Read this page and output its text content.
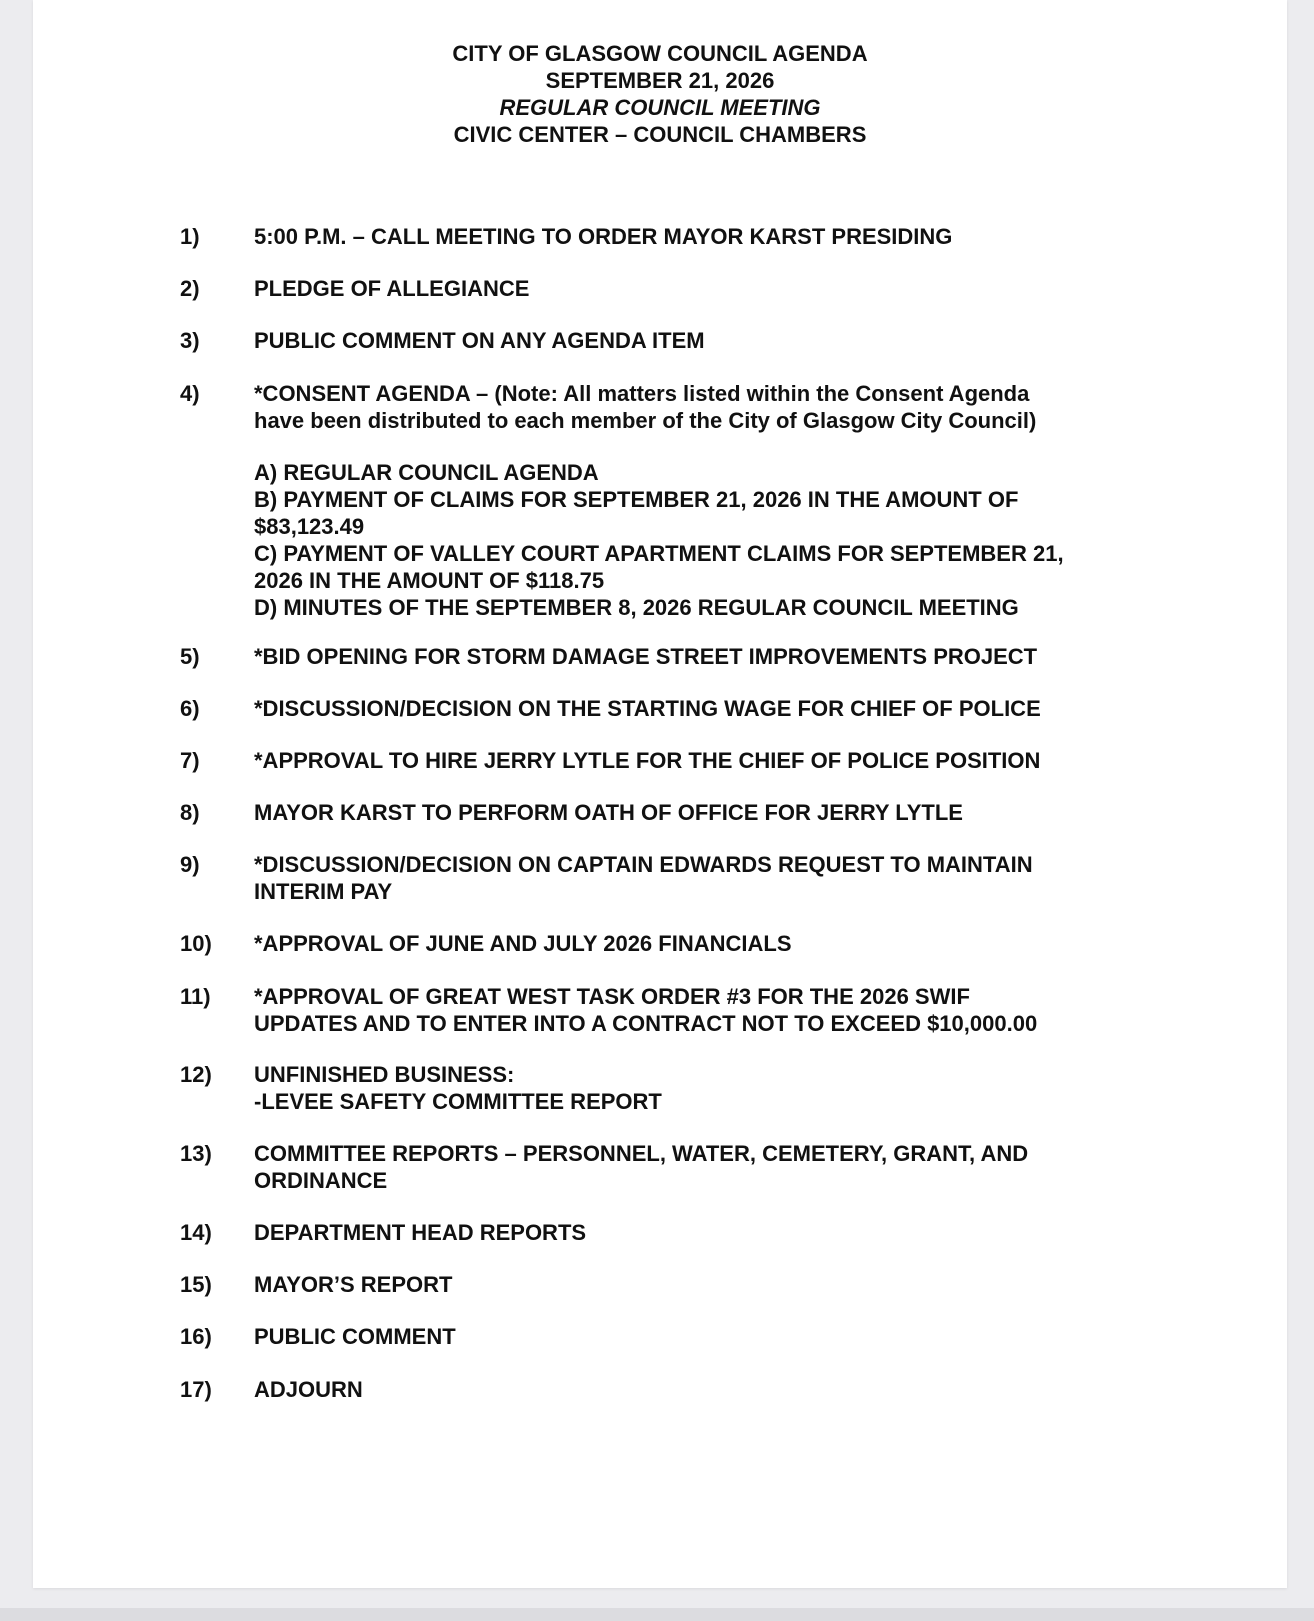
CITY OF GLASGOW COUNCIL AGENDA
SEPTEMBER 21, 2026
REGULAR COUNCIL MEETING
CIVIC CENTER – COUNCIL CHAMBERS
1) 5:00 P.M. – CALL MEETING TO ORDER MAYOR KARST PRESIDING
2) PLEDGE OF ALLEGIANCE
3) PUBLIC COMMENT ON ANY AGENDA ITEM
4) *CONSENT AGENDA – (Note: All matters listed within the Consent Agenda
have been distributed to each member of the City of Glasgow City Council)
5) *BID OPENING FOR STORM DAMAGE STREET IMPROVEMENTS PROJECT
6) *DISCUSSION/DECISION ON THE STARTING WAGE FOR CHIEF OF POLICE
7) *APPROVAL TO HIRE JERRY LYTLE FOR THE CHIEF OF POLICE POSITION
8) MAYOR KARST TO PERFORM OATH OF OFFICE FOR JERRY LYTLE
9) *DISCUSSION/DECISION ON CAPTAIN EDWARDS REQUEST TO MAINTAIN
INTERIM PAY
10) *APPROVAL OF JUNE AND JULY 2026 FINANCIALS
11) *APPROVAL OF GREAT WEST TASK ORDER #3 FOR THE 2026 SWIF
UPDATES AND TO ENTER INTO A CONTRACT NOT TO EXCEED $10,000.00
12) UNFINISHED BUSINESS:
-LEVEE SAFETY COMMITTEE REPORT
13) COMMITTEE REPORTS – PERSONNEL, WATER, CEMETERY, GRANT, AND
ORDINANCE
14) DEPARTMENT HEAD REPORTS
15) MAYOR’S REPORT
16) PUBLIC COMMENT
17) ADJOURN
A) REGULAR COUNCIL AGENDA
B) PAYMENT OF CLAIMS FOR SEPTEMBER 21, 2026 IN THE AMOUNT OF
$83,123.49
C) PAYMENT OF VALLEY COURT APARTMENT CLAIMS FOR SEPTEMBER 21,
2026 IN THE AMOUNT OF $118.75
D) MINUTES OF THE SEPTEMBER 8, 2026 REGULAR COUNCIL MEETING
